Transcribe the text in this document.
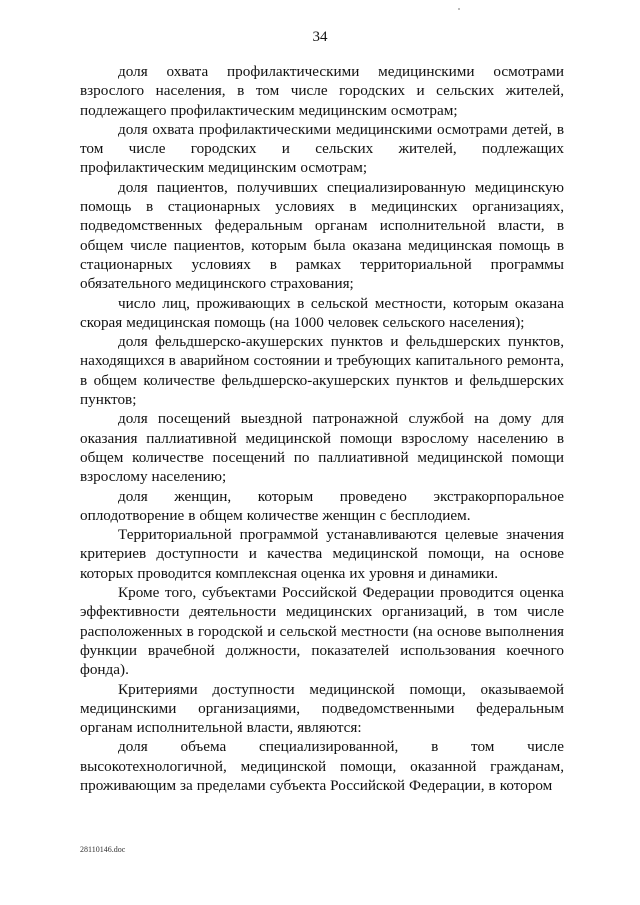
34

доля охвата профилактическими медицинскими осмотрами взрослого населения, в том числе городских и сельских жителей, подлежащего профилактическим медицинским осмотрам;

доля охвата профилактическими медицинскими осмотрами детей, в том числе городских и сельских жителей, подлежащих профилактическим медицинским осмотрам;

доля пациентов, получивших специализированную медицинскую помощь в стационарных условиях в медицинских организациях, подведомственных федеральным органам исполнительной власти, в общем числе пациентов, которым была оказана медицинская помощь в стационарных условиях в рамках территориальной программы обязательного медицинского страхования;

число лиц, проживающих в сельской местности, которым оказана скорая медицинская помощь (на 1000 человек сельского населения);

доля фельдшерско-акушерских пунктов и фельдшерских пунктов, находящихся в аварийном состоянии и требующих капитального ремонта, в общем количестве фельдшерско-акушерских пунктов и фельдшерских пунктов;

доля посещений выездной патронажной службой на дому для оказания паллиативной медицинской помощи взрослому населению в общем количестве посещений по паллиативной медицинской помощи взрослому населению;

доля женщин, которым проведено экстракорпоральное оплодотворение в общем количестве женщин с бесплодием.

Территориальной программой устанавливаются целевые значения критериев доступности и качества медицинской помощи, на основе которых проводится комплексная оценка их уровня и динамики.

Кроме того, субъектами Российской Федерации проводится оценка эффективности деятельности медицинских организаций, в том числе расположенных в городской и сельской местности (на основе выполнения функции врачебной должности, показателей использования коечного фонда).

Критериями доступности медицинской помощи, оказываемой медицинскими организациями, подведомственными федеральным органам исполнительной власти, являются:

доля объема специализированной, в том числе высокотехнологичной, медицинской помощи, оказанной гражданам, проживающим за пределами субъекта Российской Федерации, в котором

28110146.doc
